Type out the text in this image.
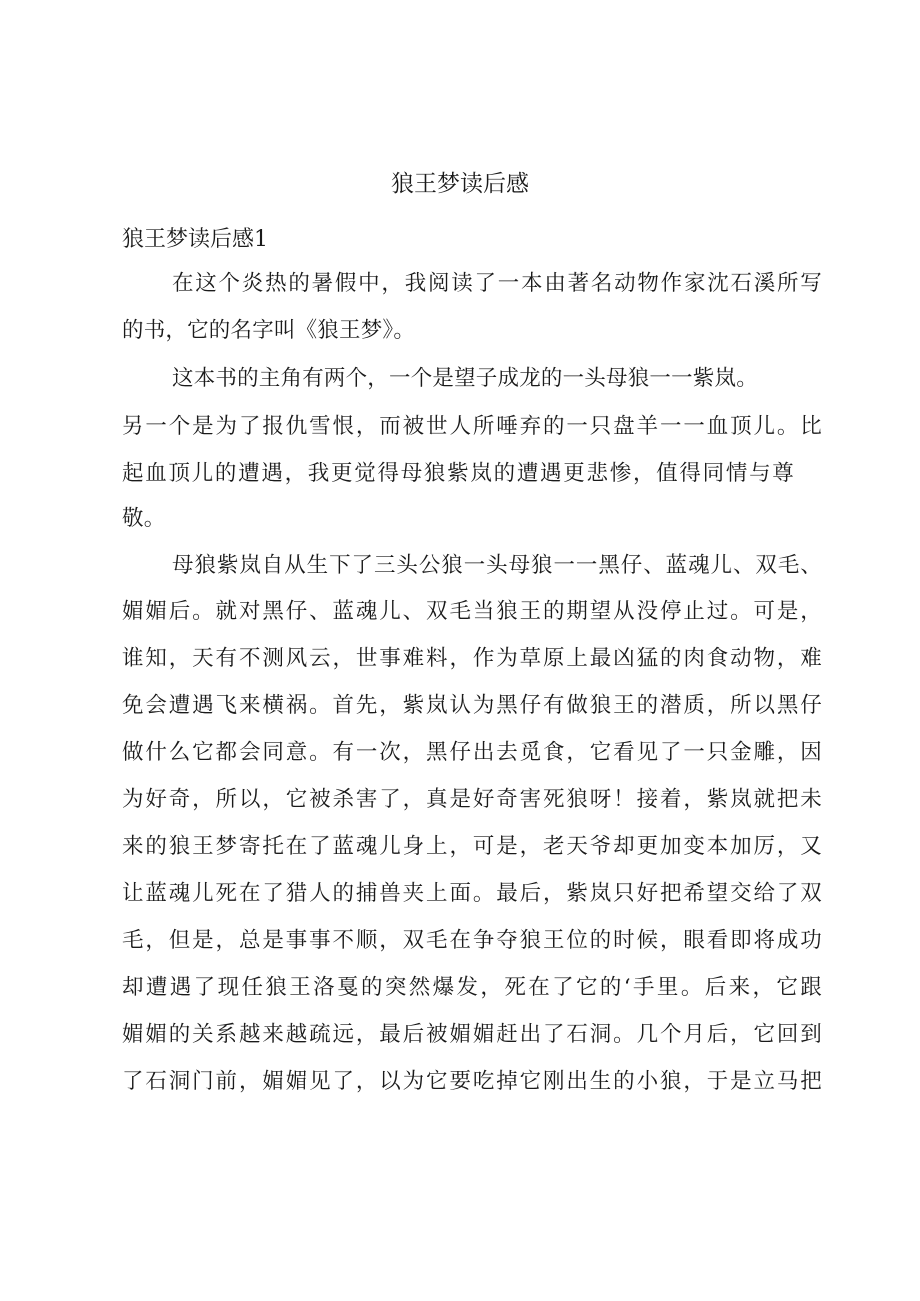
狼王梦读后感
狼王梦读后感1
在这个炎热的暑假中，我阅读了一本由著名动物作家沈石溪所写
的书，它的名字叫《狼王梦》。
这本书的主角有两个，一个是望子成龙的一头母狼一一紫岚。
另一个是为了报仇雪恨，而被世人所唾弃的一只盘羊一一血顶儿。比
起血顶儿的遭遇，我更觉得母狼紫岚的遭遇更悲惨，值得同情与尊
敬。
母狼紫岚自从生下了三头公狼一头母狼一一黑仔、蓝魂儿、双毛、
媚媚后。就对黑仔、蓝魂儿、双毛当狼王的期望从没停止过。可是，
谁知，天有不测风云，世事难料，作为草原上最凶猛的肉食动物，难
免会遭遇飞来横祸。首先，紫岚认为黑仔有做狼王的潜质，所以黑仔
做什么它都会同意。有一次，黑仔出去觅食，它看见了一只金雕，因
为好奇，所以，它被杀害了，真是好奇害死狼呀！接着，紫岚就把未
来的狼王梦寄托在了蓝魂儿身上，可是，老天爷却更加变本加厉，又
让蓝魂儿死在了猎人的捕兽夹上面。最后，紫岚只好把希望交给了双
毛，但是，总是事事不顺，双毛在争夺狼王位的时候，眼看即将成功
却遭遇了现任狼王洛戛的突然爆发，死在了它的‘手里。后来，它跟
媚媚的关系越来越疏远，最后被媚媚赶出了石洞。几个月后，它回到
了石洞门前，媚媚见了，以为它要吃掉它刚出生的小狼，于是立马把
